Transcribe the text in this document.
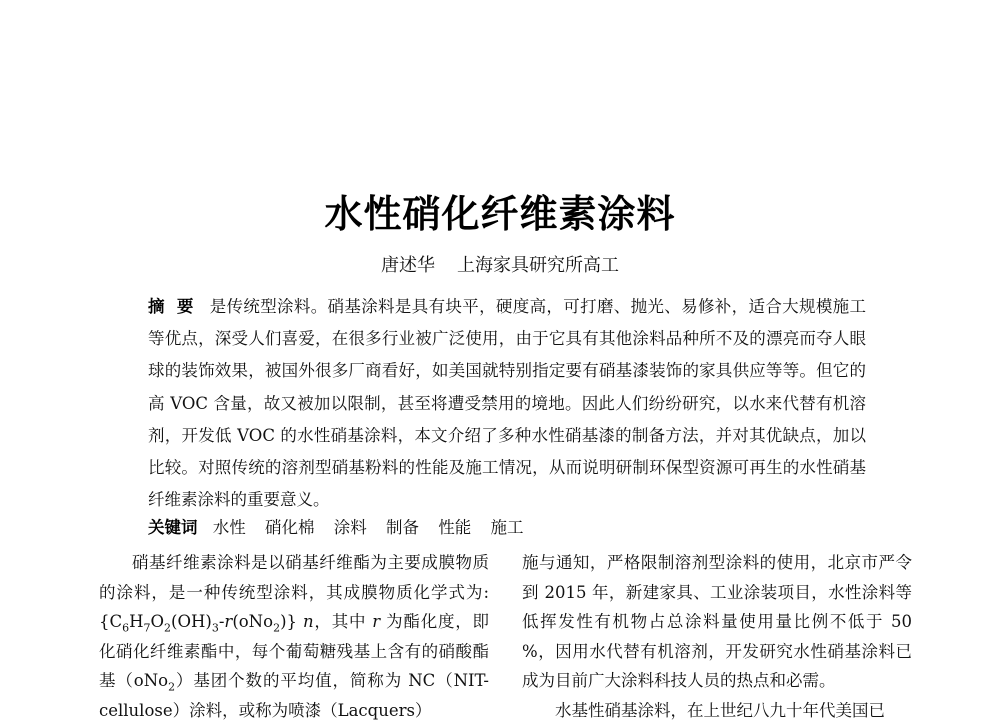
水性硝化纤维素涂料
唐述华 上海家具研究所高工
摘要 是传统型涂料。硝基涂料是具有块平，硬度高，可打磨、抛光、易修补，适合大规模施工等优点，深受人们喜爱，在很多行业被广泛使用，由于它具有其他涂料品种所不及的漂亮而夺人眼球的装饰效果，被国外很多厂商看好，如美国就特别指定要有硝基漆装饰的家具供应等等。但它的高 VOC 含量，故又被加以限制，甚至将遭受禁用的境地。因此人们纷纷研究，以水来代替有机溶剂，开发低 VOC 的水性硝基涂料，本文介绍了多种水性硝基漆的制备方法，并对其优缺点，加以比较。对照传统的溶剂型硝基粉料的性能及施工情况，从而说明研制环保型资源可再生的水性硝基纤维素涂料的重要意义。
关键词 水性 硝化棉 涂料 制备 性能 施工

硝基纤维素涂料是以硝基纤维酯为主要成膜物质的涂料，是一种传统型涂料，其成膜物质化学式为$:\{C_6H_7O_2(OH)_3-r(oNo_2)\}$ n，其中 r 为酯化度，即化硝化纤维素酯中，每个葡萄糖残基上含有的硝酸酯基（oNo$_2$）基团个数的平均值，简称为 NC（NIT-cellulose）涂料，或称为喷漆（Lacquers）

施与通知，严格限制溶剂型涂料的使用，北京市严令到 2015 年，新建家具、工业涂装项目，水性涂料等低挥发性有机物占总涂料量使用量比例不低于 50 %，因用水代替有机溶剂，开发研究水性硝基涂料已成为目前广大涂料科技人员的热点和必需。

水基性硝基涂料，在上世纪八九十年代美国已
